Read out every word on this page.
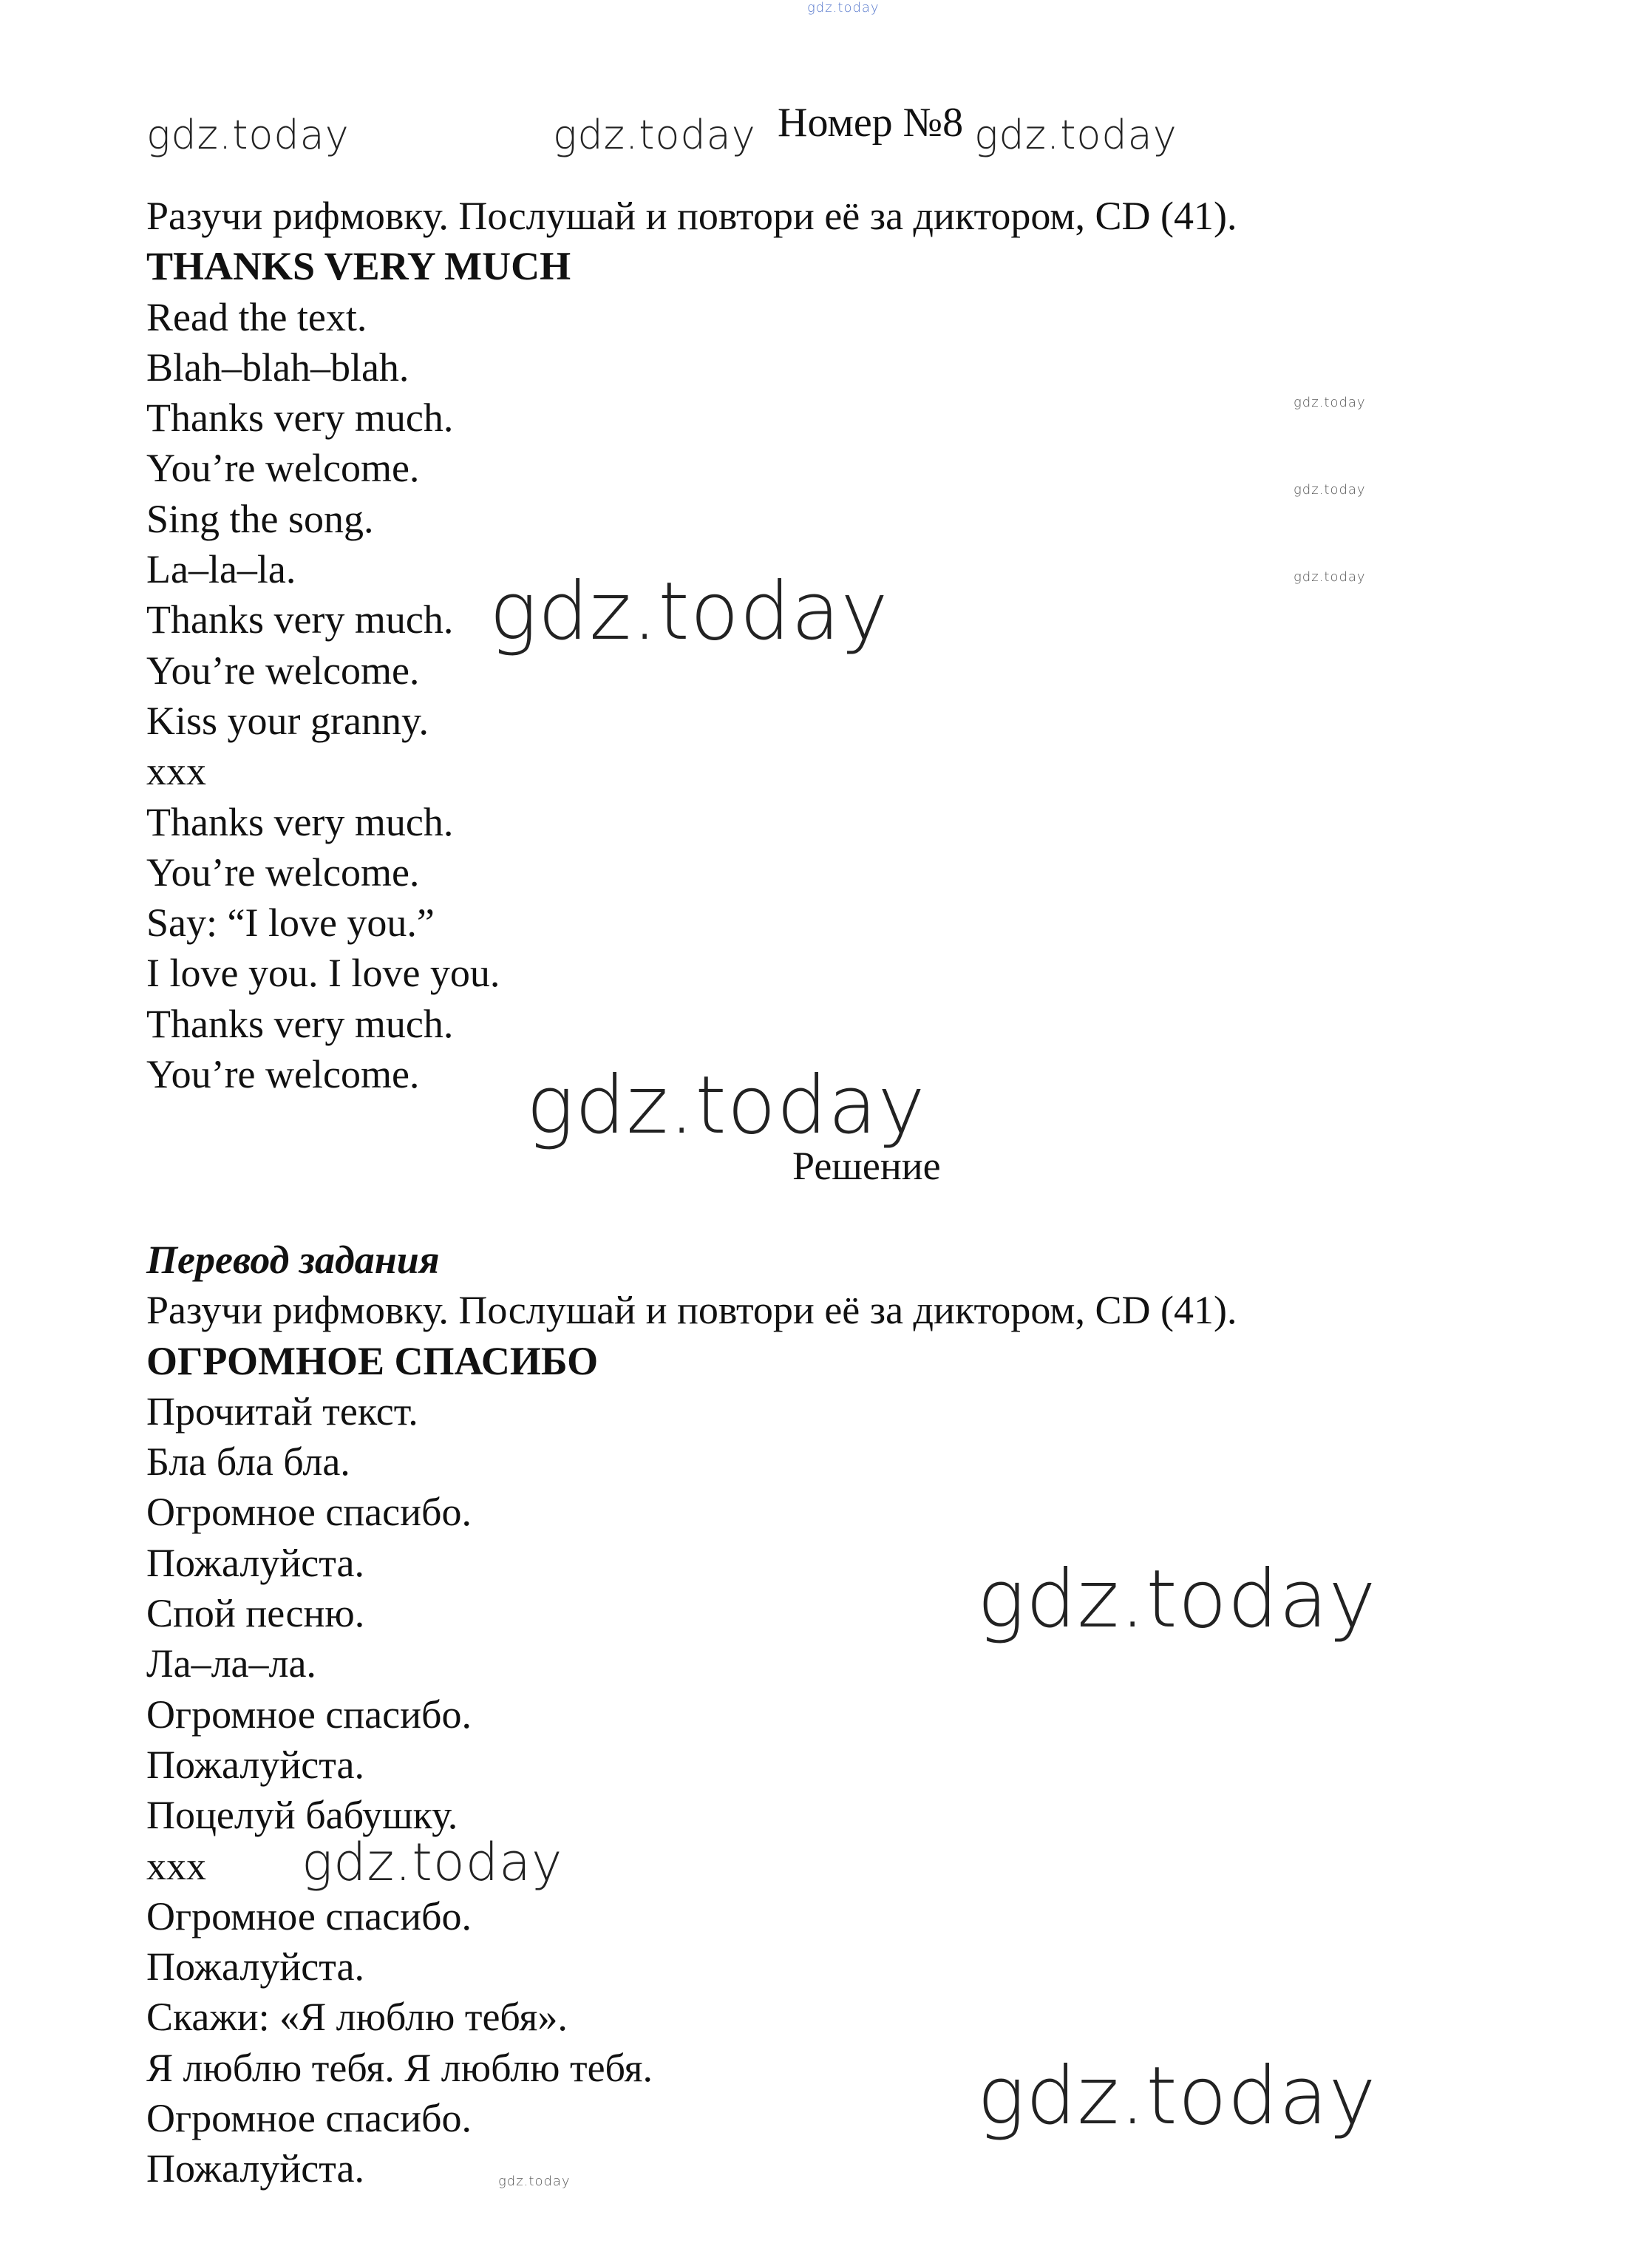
gdz.today
gdz.today	gdz.today	gdz.today
gdz.today
gdz.today
gdz.today
gdz.today
gdz.today
gdz.today
gdz.today
gdz.today
gdz.today
Номер №8
Разучи рифмовку. Послушай и повтори её за диктором, CD (41).
THANKS VERY MUCH
Read the text.
Blah–blah–blah.
Thanks very much.
You’re welcome.
Sing the song.
La–la–la.
Thanks very much.
You’re welcome.
Kiss your granny.
xxx
Thanks very much.
You’re welcome.
Say: “I love you.”
I love you. I love you.
Thanks very much.
You’re welcome.
Решение
Перевод задания
Разучи рифмовку. Послушай и повтори её за диктором, CD (41).
ОГРОМНОЕ СПАСИБО
Прочитай текст.
Бла бла бла.
Огромное спасибо.
Пожалуйста.
Спой песню.
Ла–ла–ла.
Огромное спасибо.
Пожалуйста.
Поцелуй бабушку.
xxx
Огромное спасибо.
Пожалуйста.
Скажи: «Я люблю тебя».
Я люблю тебя. Я люблю тебя.
Огромное спасибо.
Пожалуйста.
